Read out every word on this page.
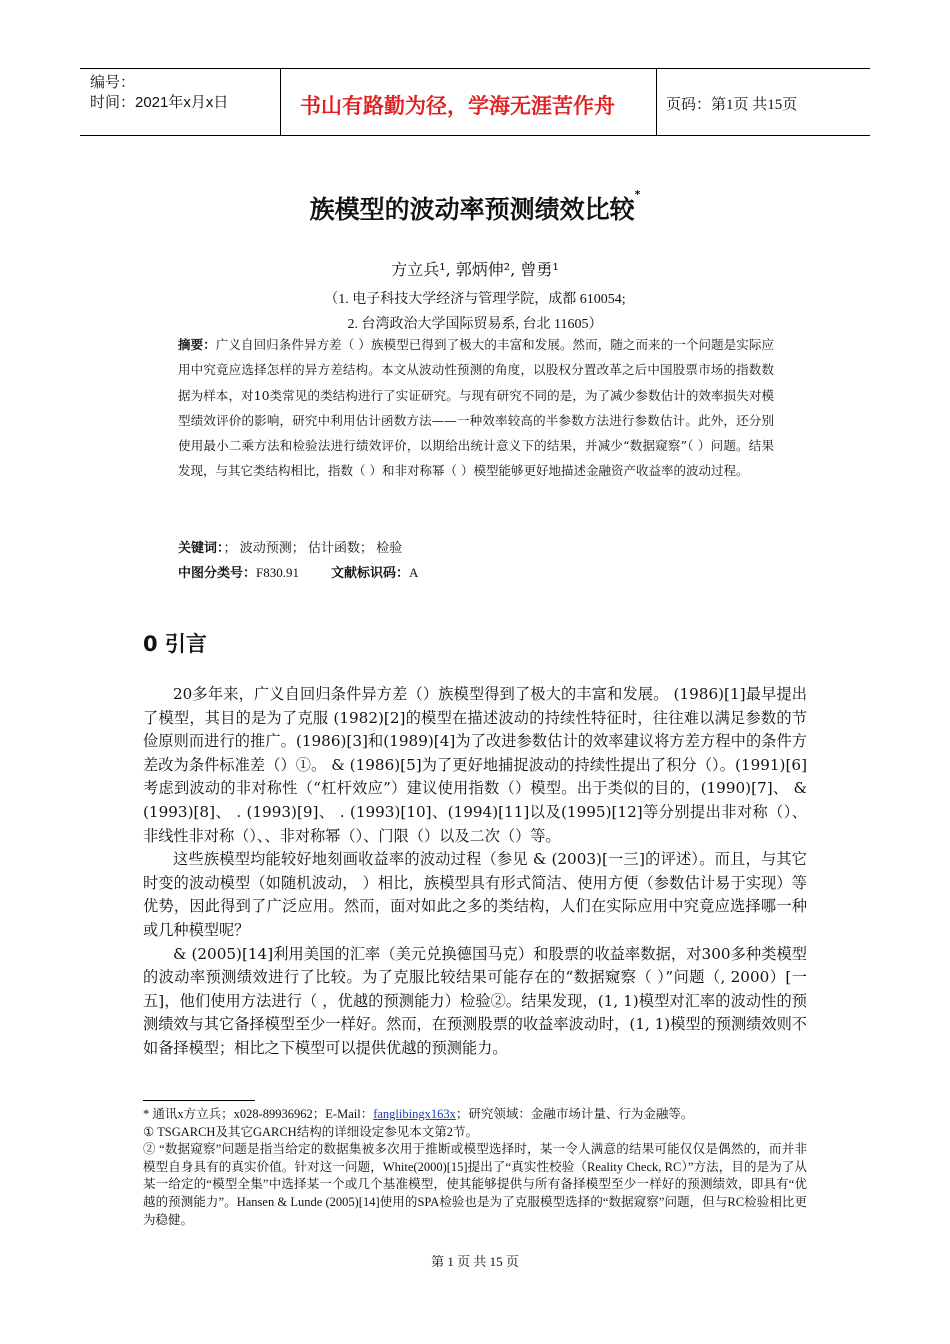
编号：
时间：2021年x月x日	书山有路勤为径，学海无涯苦作舟	页码：第1页 共15页
族模型的波动率预测绩效比较*
方立兵¹, 郭炳伸², 曾勇¹
（1. 电子科技大学经济与管理学院，成都 610054;
2. 台湾政治大学国际贸易系, 台北 11605）
摘要：广义自回归条件异方差（ ）族模型已得到了极大的丰富和发展。然而，随之而来的一个问题是实际应用中究竟应选择怎样的异方差结构。本文从波动性预测的角度，以股权分置改革之后中国股票市场的指数数据为样本，对10类常见的类结构进行了实证研究。与现有研究不同的是，为了减少参数估计的效率损失对模型绩效评价的影响，研究中利用估计函数方法——一种效率较高的半参数方法进行参数估计。此外，还分别使用最小二乘方法和检验法进行绩效评价，以期给出统计意义下的结果，并减少“数据窥察”（ ）问题。结果发现，与其它类结构相比，指数（ ）和非对称幂（ ）模型能够更好地描述金融资产收益率的波动过程。
关键词：； 波动预测； 估计函数； 检验
中图分类号：F830.91 文献标识码：A
0 引言

20多年来，广义自回归条件异方差（）族模型得到了极大的丰富和发展。 (1986)[1]最早提出了模型，其目的是为了克服 (1982)[2]的模型在描述波动的持续性特征时，往往难以满足参数的节俭原则而进行的推广。(1986)[3]和(1989)[4]为了改进参数估计的效率建议将方差方程中的条件方差改为条件标准差（）①。 & (1986)[5]为了更好地捕捉波动的持续性提出了积分（）。(1991)[6]考虑到波动的非对称性（“杠杆效应”）建议使用指数（）模型。出于类似的目的，(1990)[7]、 & (1993)[8]、 . (1993)[9]、 . (1993)[10]、(1994)[11]以及(1995)[12]等分别提出非对称（）、非线性非对称（）、、非对称幂（）、门限（）以及二次（）等。

这些族模型均能较好地刻画收益率的波动过程（参见 & (2003)[一三]的评述）。而且，与其它时变的波动模型（如随机波动， ）相比，族模型具有形式简洁、使用方便（参数估计易于实现）等优势，因此得到了广泛应用。然而，面对如此之多的类结构，人们在实际应用中究竟应选择哪一种或几种模型呢？

& (2005)[14]利用美国的汇率（美元兑换德国马克）和股票的收益率数据，对300多种类模型的波动率预测绩效进行了比较。为了克服比较结果可能存在的“数据窥察（ ）”问题（, 2000）[一五]，他们使用方法进行（ ，优越的预测能力）检验②。结果发现，(1, 1)模型对汇率的波动性的预测绩效与其它备择模型至少一样好。然而，在预测股票的收益率波动时，(1, 1)模型的预测绩效则不如备择模型；相比之下模型可以提供优越的预测能力。

* 通讯x方立兵；x028-89936962；E-Mail：fanglibingx163x；研究领域：金融市场计量、行为金融等。
① TSGARCH及其它GARCH结构的详细设定参见本文第2节。
② “数据窥察”问题是指当给定的数据集被多次用于推断或模型选择时，某一令人满意的结果可能仅仅是偶然的，而并非模型自身具有的真实价值。针对这一问题，White(2000)[15]提出了“真实性校验（Reality Check, RC）”方法，目的是为了从某一给定的“模型全集”中选择某一个或几个基准模型，使其能够提供与所有备择模型至少一样好的预测绩效，即具有“优越的预测能力”。Hansen & Lunde (2005)[14]使用的SPA检验也是为了克服模型选择的“数据窥察”问题，但与RC检验相比更为稳健。
第 1 页 共 15 页
